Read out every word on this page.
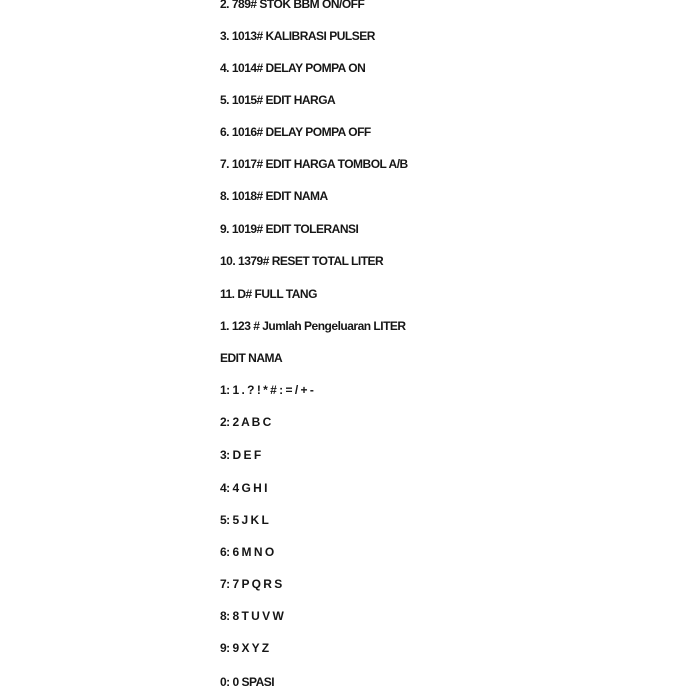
2. 789# STOK BBM ON/OFF
3. 1013# KALIBRASI PULSER
4. 1014# DELAY POMPA ON
5. 1015# EDIT HARGA
6. 1016# DELAY POMPA OFF
7. 1017# EDIT HARGA TOMBOL A/B
8. 1018# EDIT NAMA
9. 1019# EDIT TOLERANSI
10. 1379# RESET TOTAL LITER
11. D# FULL TANG
1. 123 # Jumlah Pengeluaran LITER
EDIT NAMA
1: 1 . ? ! * # : = / + -
2: 2 A B C
3: D E F
4: 4 G H I
5: 5 J K L
6: 6 M N O
7: 7 P Q R S
8: 8 T U V W
9: 9 X Y Z
0: 0 SPASI
